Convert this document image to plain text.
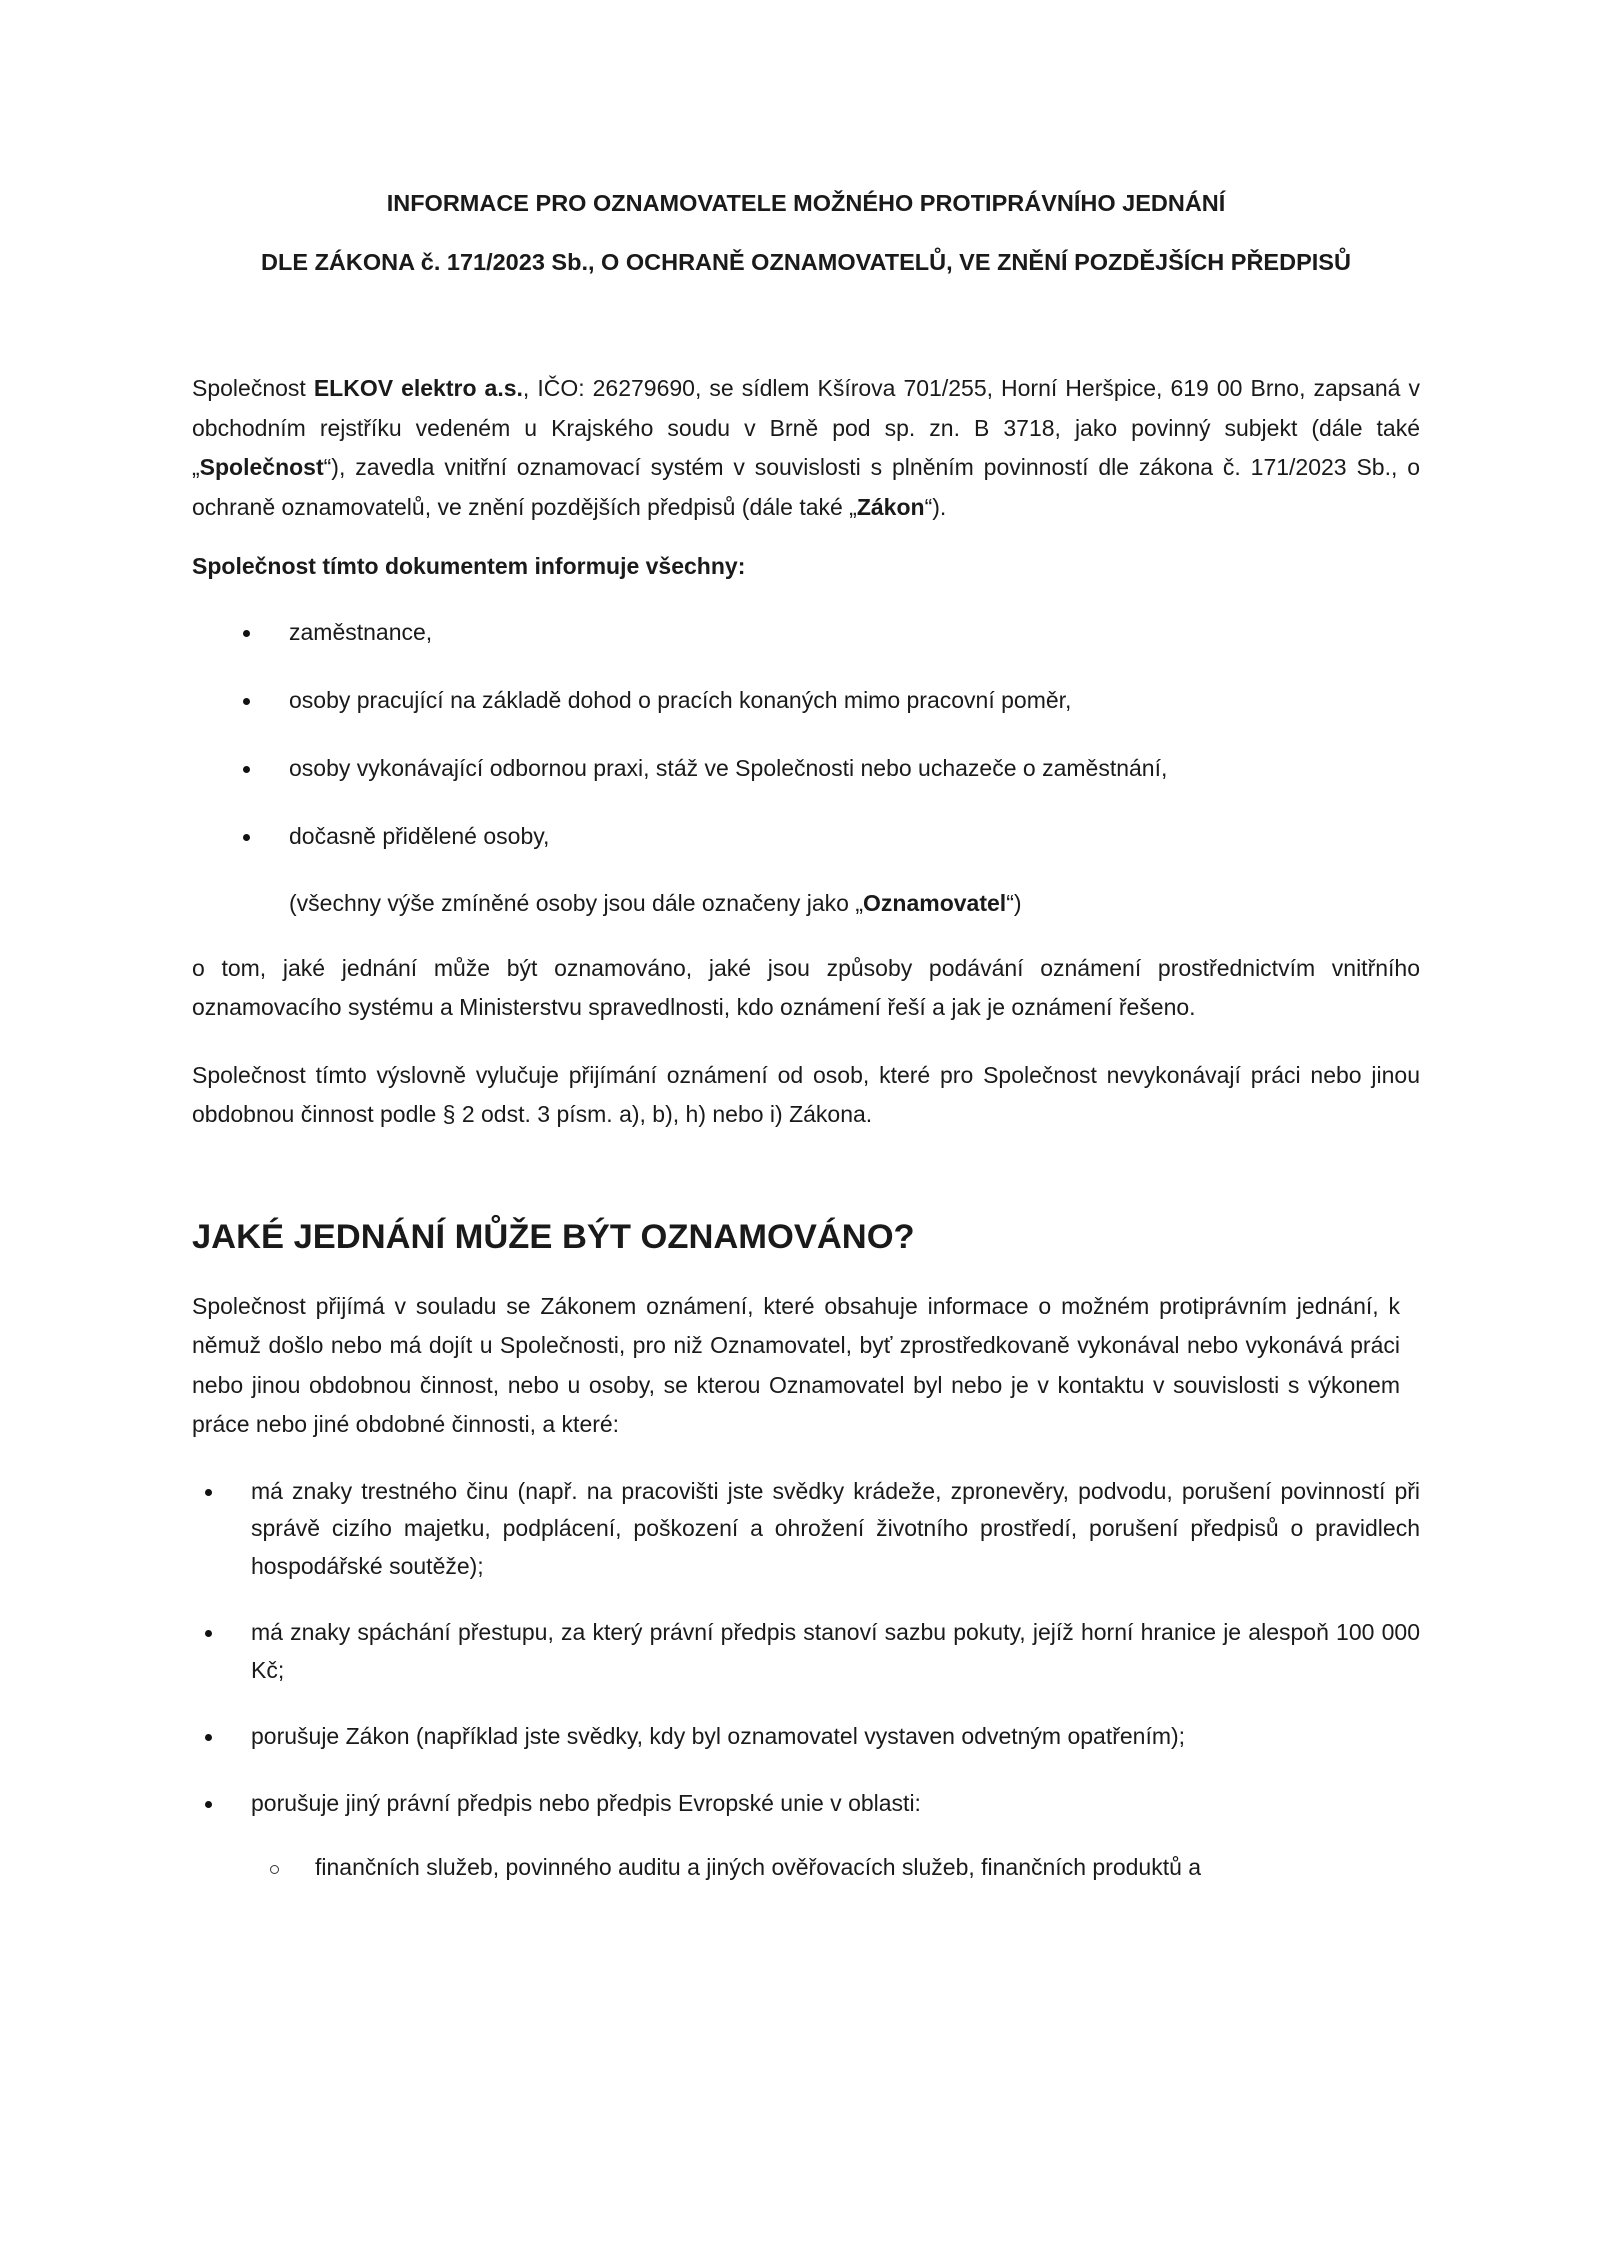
INFORMACE PRO OZNAMOVATELE MOŽNÉHO PROTIPRÁVNÍHO JEDNÁNÍ
DLE ZÁKONA č. 171/2023 Sb., O OCHRANĚ OZNAMOVATELŮ, VE ZNĚNÍ POZDĚJŠÍCH PŘEDPISŮ

Společnost ELKOV elektro a.s., IČO: 26279690, se sídlem Kšírova 701/255, Horní Heršpice, 619 00 Brno, zapsaná v obchodním rejstříku vedeném u Krajského soudu v Brně pod sp. zn. B 3718, jako povinný subjekt (dále také „Společnost“), zavedla vnitřní oznamovací systém v souvislosti s plněním povinností dle zákona č. 171/2023 Sb., o ochraně oznamovatelů, ve znění pozdějších předpisů (dále také „Zákon“).

Společnost tímto dokumentem informuje všechny:

zaměstnance,
osoby pracující na základě dohod o pracích konaných mimo pracovní poměr,
osoby vykonávající odbornou praxi, stáž ve Společnosti nebo uchazeče o zaměstnání,
dočasně přidělené osoby,
(všechny výše zmíněné osoby jsou dále označeny jako „Oznamovatel“)

o tom, jaké jednání může být oznamováno, jaké jsou způsoby podávání oznámení prostřednictvím vnitřního oznamovacího systému a Ministerstvu spravedlnosti, kdo oznámení řeší a jak je oznámení řešeno.

Společnost tímto výslovně vylučuje přijímání oznámení od osob, které pro Společnost nevykonávají práci nebo jinou obdobnou činnost podle § 2 odst. 3 písm. a), b), h) nebo i) Zákona.

JAKÉ JEDNÁNÍ MŮŽE BÝT OZNAMOVÁNO?

Společnost přijímá v souladu se Zákonem oznámení, které obsahuje informace o možném protiprávním jednání, k němuž došlo nebo má dojít u Společnosti, pro niž Oznamovatel, byť zprostředkovaně vykonával nebo vykonává práci nebo jinou obdobnou činnost, nebo u osoby, se kterou Oznamovatel byl nebo je v kontaktu v souvislosti s výkonem práce nebo jiné obdobné činnosti, a které:

má znaky trestného činu (např. na pracovišti jste svědky krádeže, zpronevěry, podvodu, porušení povinností při správě cizího majetku, podplácení, poškození a ohrožení životního prostředí, porušení předpisů o pravidlech hospodářské soutěže);
má znaky spáchání přestupu, za který právní předpis stanoví sazbu pokuty, jejíž horní hranice je alespoň 100 000 Kč;
porušuje Zákon (například jste svědky, kdy byl oznamovatel vystaven odvetným opatřením);
porušuje jiný právní předpis nebo předpis Evropské unie v oblasti:
finančních služeb, povinného auditu a jiných ověřovacích služeb, finančních produktů a
